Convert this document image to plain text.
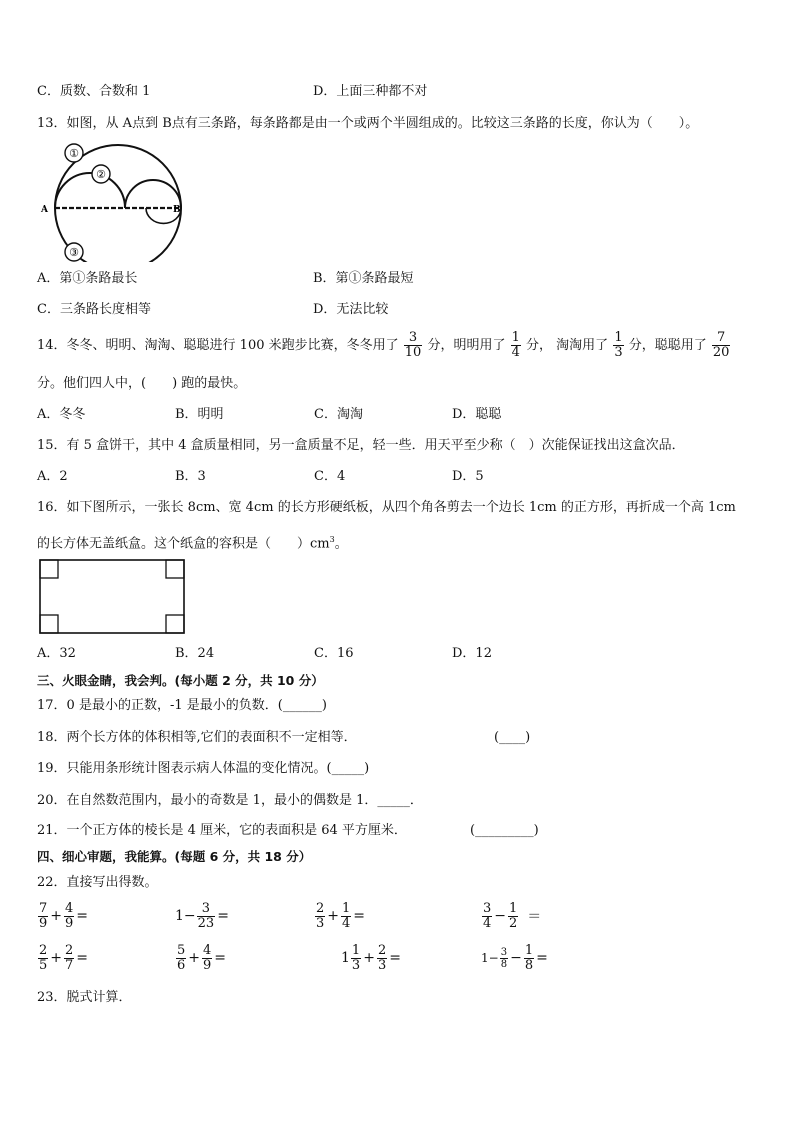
C．质数、合数和 1	D．上面三种都不对
13．如图，从 A点到 B点有三条路，每条路都是由一个或两个半圆组成的。比较这三条路的长度，你认为（　　）。
①
②
③
A	B
A．第①条路最长	B．第①条路最短
C．三条路长度相等	D．无法比较
14．冬冬、明明、淘淘、聪聪进行 100 米跑步比赛，冬冬用了 $\frac{3}{10}$ 分，明明用了 $\frac{1}{4}$ 分， 淘淘用了 $\frac{1}{3}$ 分，聪聪用了 $\frac{7}{20}$
分。他们四人中，(　　) 跑的最快。
A．冬冬	B．明明	C．淘淘	D．聪聪
15．有 5 盒饼干，其中 4 盒质量相同，另一盒质量不足，轻一些．用天平至少称（　）次能保证找出这盒次品．
A．2	B．3	C．4	D．5
16．如下图所示，一张长 8cm、宽 4cm 的长方形硬纸板，从四个角各剪去一个边长 1cm 的正方形，再折成一个高 1cm
的长方体无盖纸盒。这个纸盒的容积是（　　）$cm^3$。
A．32	B．24	C．16	D．12
三、火眼金睛，我会判。(每小题 2 分，共 10 分）
17．0 是最小的正数，-1 是最小的负数．(______)
18．两个长方体的体积相等,它们的表面积不一定相等．	(____)
19．只能用条形统计图表示病人体温的变化情况。(_____)
20．在自然数范围内，最小的奇数是 1，最小的偶数是 1．_____．
21．一个正方体的棱长是 4 厘米，它的表面积是 64 平方厘米．	(_________)
四、细心审题，我能算。(每题 6 分，共 18 分）
22．直接写出得数。
$\frac{7}{9} + \frac{4}{9}$ =	$1- \frac{3}{23}$ =	$\frac{2}{3} + \frac{1}{4}$ =	$\frac{3}{4} - \frac{1}{2}$ ＝
$\frac{2}{5} + \frac{2}{7}$ =	$\frac{5}{6} + \frac{4}{9}$ =	$1 \frac{1}{3} + \frac{2}{3}$ =	$1- \frac{3}{8} - \frac{1}{8}$ =
23．脱式计算．
